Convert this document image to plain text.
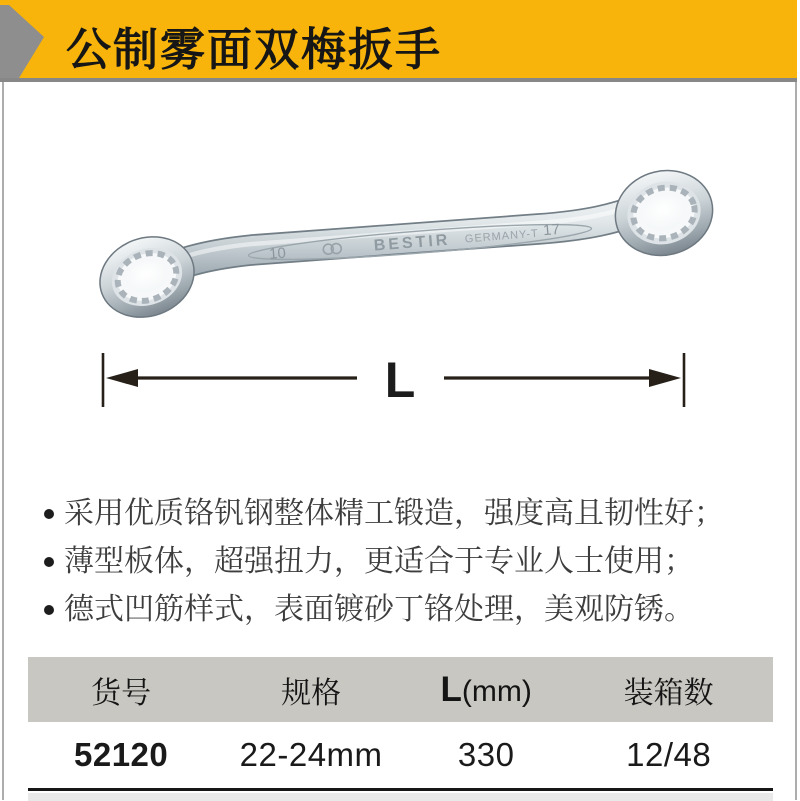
公制雾面双梅扳手
10	BESTIR GERMANY-T 17
L
采用优质铬钒钢整体精工锻造，强度高且韧性好；
薄型板体，超强扭力，更适合于专业人士使用；
德式凹筋样式，表面镀砂丁铬处理，美观防锈。
货号	规格	L(mm)	装箱数
52120	22-24mm	330	12/48
